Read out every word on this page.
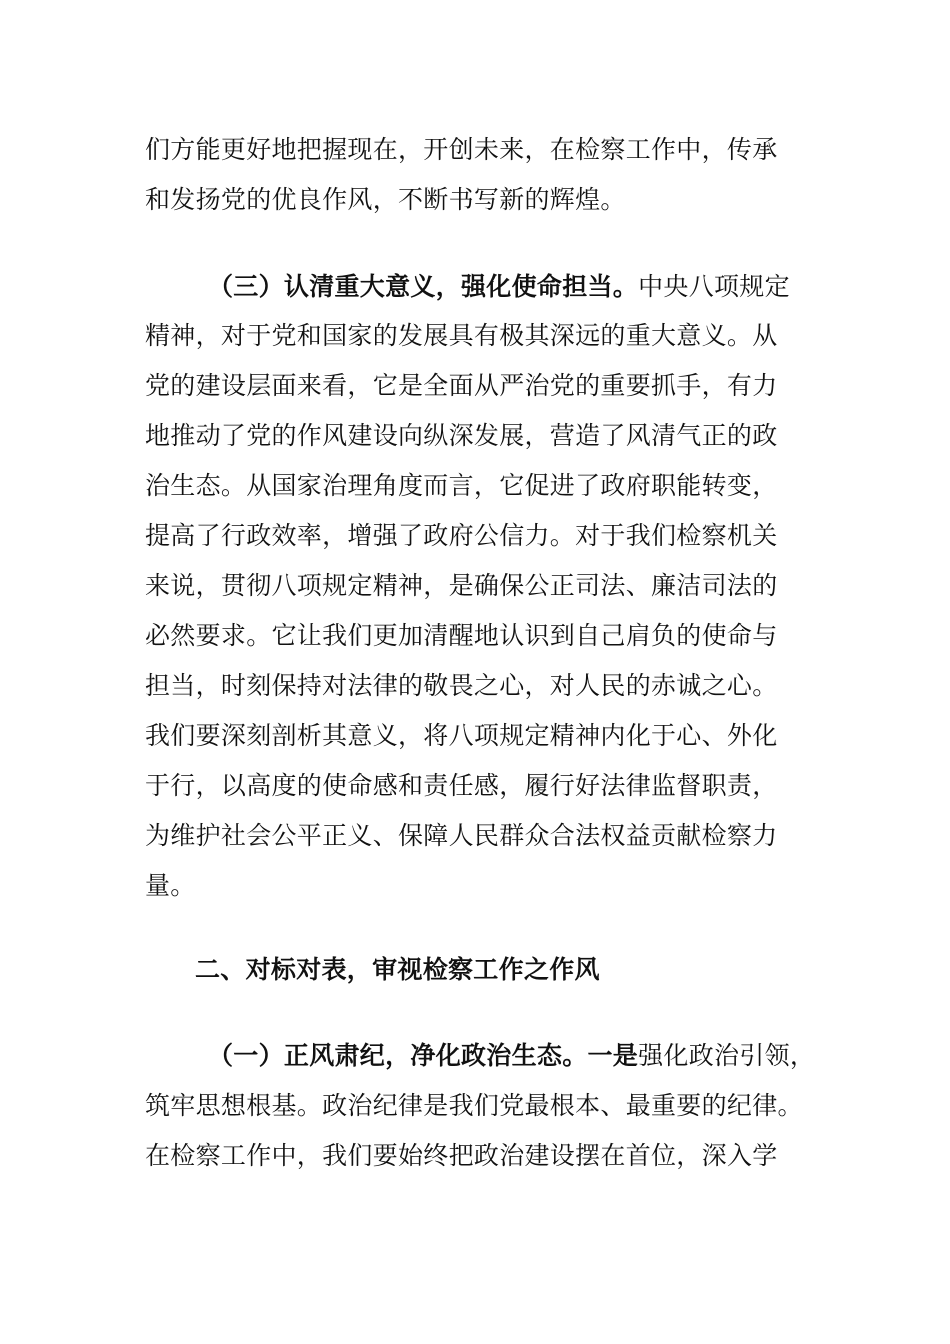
们方能更好地把握现在，开创未来，在检察工作中，传承
和发扬党的优良作风，不断书写新的辉煌。
（三）认清重大意义，强化使命担当。中央八项规定
精神，对于党和国家的发展具有极其深远的重大意义。从
党的建设层面来看，它是全面从严治党的重要抓手，有力
地推动了党的作风建设向纵深发展，营造了风清气正的政
治生态。从国家治理角度而言，它促进了政府职能转变，
提高了行政效率，增强了政府公信力。对于我们检察机关
来说，贯彻八项规定精神，是确保公正司法、廉洁司法的
必然要求。它让我们更加清醒地认识到自己肩负的使命与
担当，时刻保持对法律的敬畏之心，对人民的赤诚之心。
我们要深刻剖析其意义，将八项规定精神内化于心、外化
于行，以高度的使命感和责任感，履行好法律监督职责，
为维护社会公平正义、保障人民群众合法权益贡献检察力
量。
二、对标对表，审视检察工作之作风
（一）正风肃纪，净化政治生态。一是强化政治引领，
筑牢思想根基。政治纪律是我们党最根本、最重要的纪律。
在检察工作中，我们要始终把政治建设摆在首位，深入学
